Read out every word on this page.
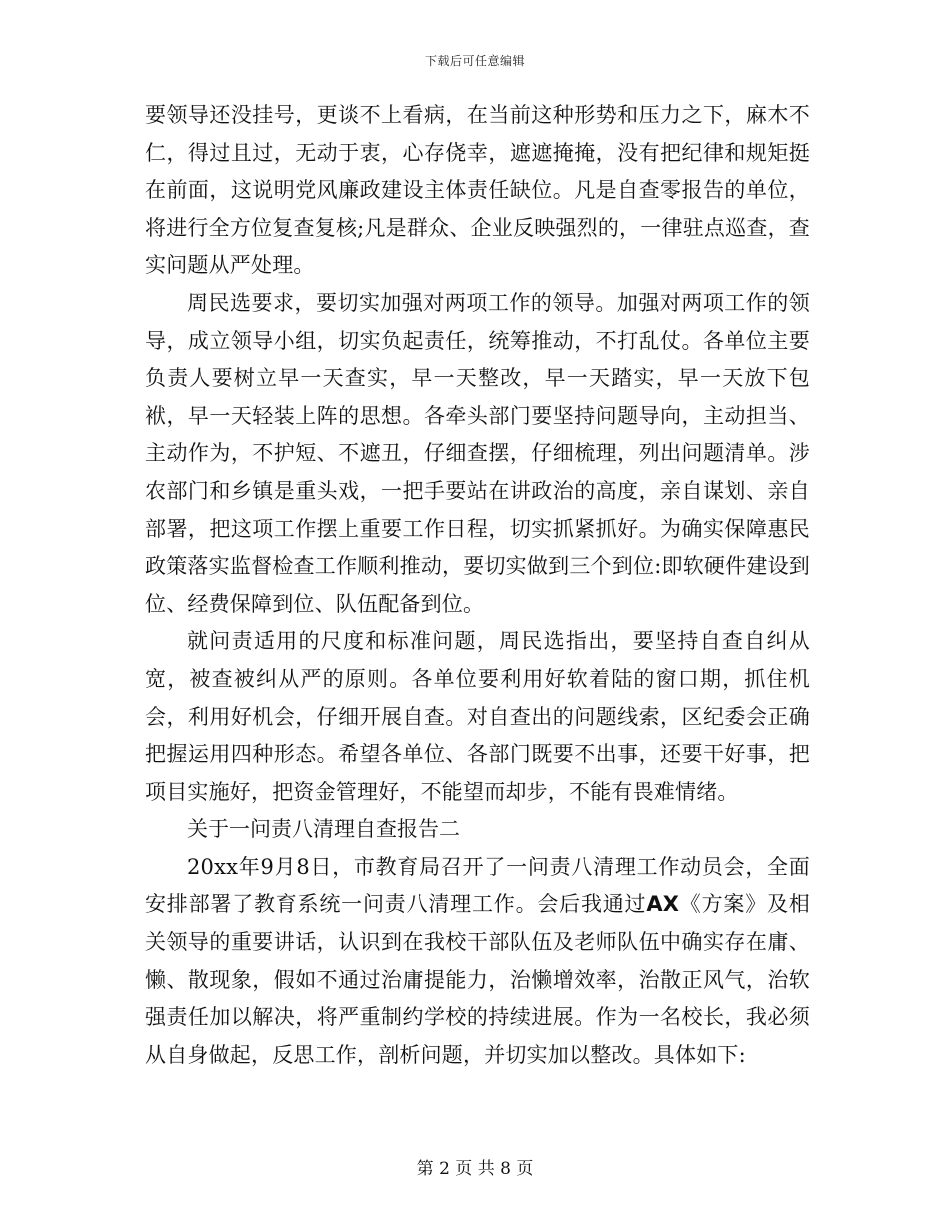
下载后可任意编辑

要领导还没挂号，更谈不上看病，在当前这种形势和压力之下，麻木不仁，得过且过，无动于衷，心存侥幸，遮遮掩掩，没有把纪律和规矩挺在前面，这说明党风廉政建设主体责任缺位。凡是自查零报告的单位，将进行全方位复查复核;凡是群众、企业反映强烈的，一律驻点巡查，查实问题从严处理。

周民选要求，要切实加强对两项工作的领导。加强对两项工作的领导，成立领导小组，切实负起责任，统筹推动，不打乱仗。各单位主要负责人要树立早一天查实，早一天整改，早一天踏实，早一天放下包袱，早一天轻装上阵的思想。各牵头部门要坚持问题导向，主动担当、主动作为，不护短、不遮丑，仔细查摆，仔细梳理，列出问题清单。涉农部门和乡镇是重头戏，一把手要站在讲政治的高度，亲自谋划、亲自部署，把这项工作摆上重要工作日程，切实抓紧抓好。为确实保障惠民政策落实监督检查工作顺利推动，要切实做到三个到位:即软硬件建设到位、经费保障到位、队伍配备到位。

就问责适用的尺度和标准问题，周民选指出，要坚持自查自纠从宽，被查被纠从严的原则。各单位要利用好软着陆的窗口期，抓住机会，利用好机会，仔细开展自查。对自查出的问题线索，区纪委会正确把握运用四种形态。希望各单位、各部门既要不出事，还要干好事，把项目实施好，把资金管理好，不能望而却步，不能有畏难情绪。

关于一问责八清理自查报告二

20xx年9月8日，市教育局召开了一问责八清理工作动员会，全面安排部署了教育系统一问责八清理工作。会后我通过AX《方案》及相关领导的重要讲话，认识到在我校干部队伍及老师队伍中确实存在庸、懒、散现象，假如不通过治庸提能力，治懒增效率，治散正风气，治软强责任加以解决，将严重制约学校的持续进展。作为一名校长，我必须从自身做起，反思工作，剖析问题，并切实加以整改。具体如下:

第 2 页 共 8 页
